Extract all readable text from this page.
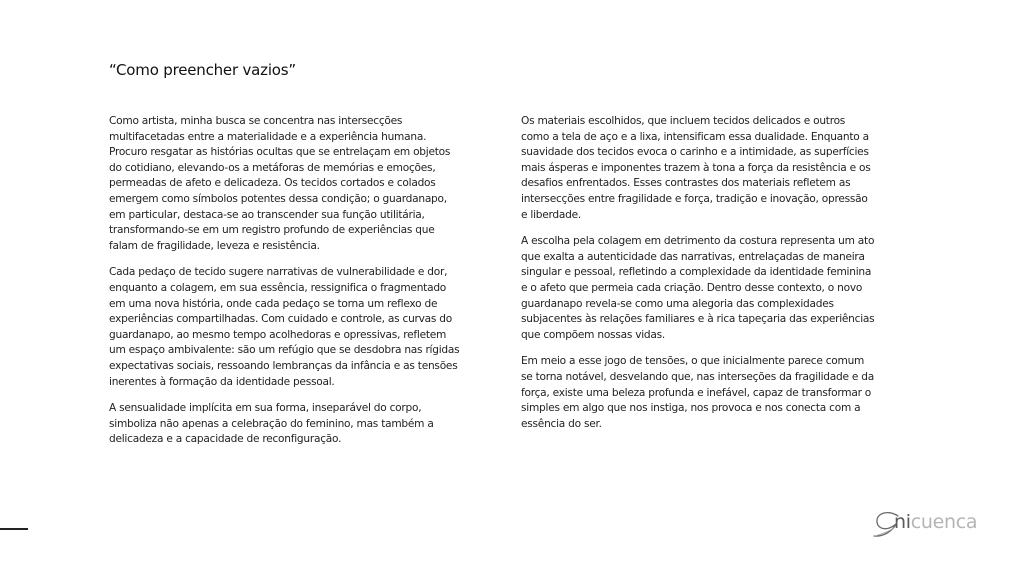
“Como preencher vazios”

Como artista, minha busca se concentra nas intersecções multifacetadas entre a materialidade e a experiência humana. Procuro resgatar as histórias ocultas que se entrelaçam em objetos do cotidiano, elevando-os a metáforas de memórias e emoções, permeadas de afeto e delicadeza. Os tecidos cortados e colados emergem como símbolos potentes dessa condição; o guardanapo, em particular, destaca-se ao transcender sua função utilitária, transformando-se em um registro profundo de experiências que falam de fragilidade, leveza e resistência.

Cada pedaço de tecido sugere narrativas de vulnerabilidade e dor, enquanto a colagem, em sua essência, ressignifica o fragmentado em uma nova história, onde cada pedaço se torna um reflexo de experiências compartilhadas. Com cuidado e controle, as curvas do guardanapo, ao mesmo tempo acolhedoras e opressivas, refletem um espaço ambivalente: são um refúgio que se desdobra nas rígidas expectativas sociais, ressoando lembranças da infância e as tensões inerentes à formação da identidade pessoal.

A sensualidade implícita em sua forma, inseparável do corpo, simboliza não apenas a celebração do feminino, mas também a delicadeza e a capacidade de reconfiguração.

Os materiais escolhidos, que incluem tecidos delicados e outros como a tela de aço e a lixa, intensificam essa dualidade. Enquanto a suavidade dos tecidos evoca o carinho e a intimidade, as superfícies mais ásperas e imponentes trazem à tona a força da resistência e os desafios enfrentados. Esses contrastes dos materiais refletem as intersecções entre fragilidade e força, tradição e inovação, opressão e liberdade.

A escolha pela colagem em detrimento da costura representa um ato que exalta a autenticidade das narrativas, entrelaçadas de maneira singular e pessoal, refletindo a complexidade da identidade feminina e o afeto que permeia cada criação. Dentro desse contexto, o novo guardanapo revela-se como uma alegoria das complexidades subjacentes às relações familiares e à rica tapeçaria das experiências que compõem nossas vidas.

Em meio a esse jogo de tensões, o que inicialmente parece comum se torna notável, desvelando que, nas interseções da fragilidade e da força, existe uma beleza profunda e inefável, capaz de transformar o simples em algo que nos instiga, nos provoca e nos conecta com a essência do ser.

nicuenca
